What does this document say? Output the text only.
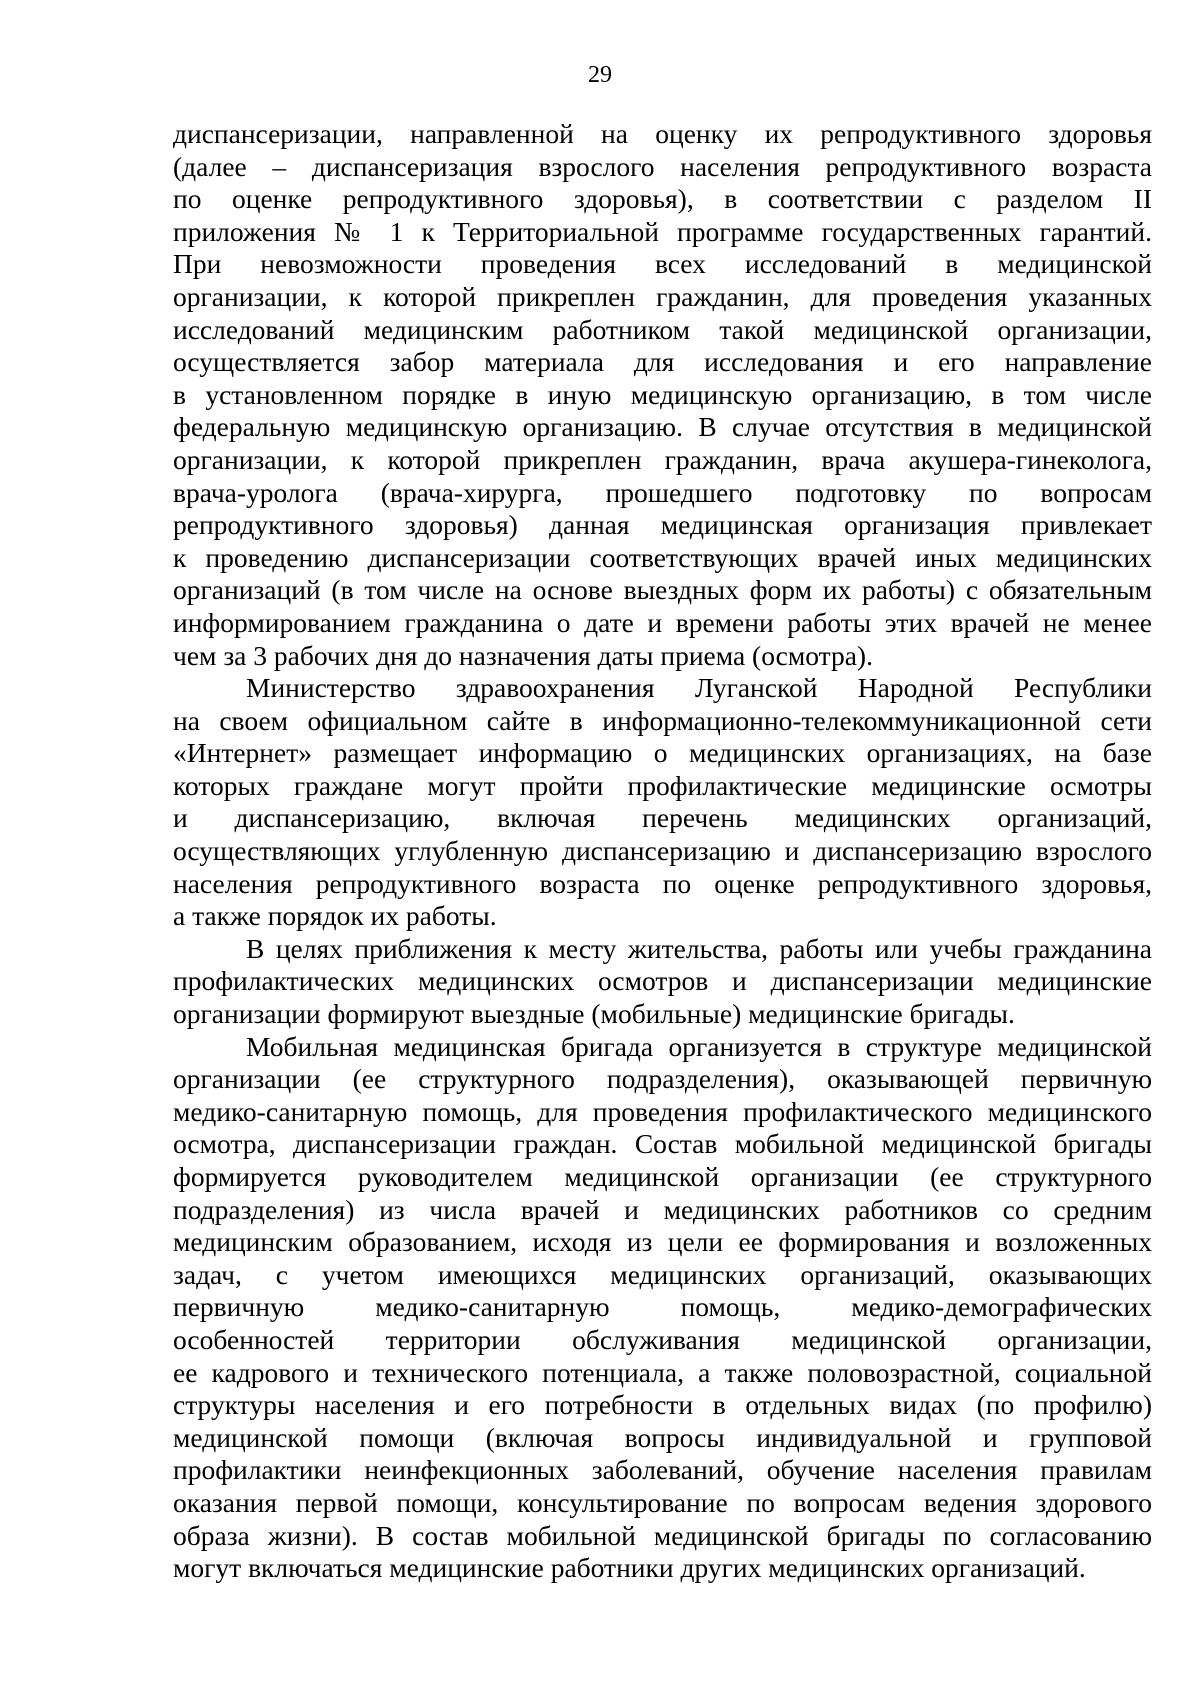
29

диспансеризации, направленной на оценку их репродуктивного здоровья
(далее – диспансеризация взрослого населения репродуктивного возраста
по оценке репродуктивного здоровья), в соответствии с разделом II
приложения № 1 к Территориальной программе государственных гарантий.
При невозможности проведения всех исследований в медицинской
организации, к которой прикреплен гражданин, для проведения указанных
исследований медицинским работником такой медицинской организации,
осуществляется забор материала для исследования и его направление
в установленном порядке в иную медицинскую организацию, в том числе
федеральную медицинскую организацию. В случае отсутствия в медицинской
организации, к которой прикреплен гражданин, врача акушера-гинеколога,
врача-уролога (врача-хирурга, прошедшего подготовку по вопросам
репродуктивного здоровья) данная медицинская организация привлекает
к проведению диспансеризации соответствующих врачей иных медицинских
организаций (в том числе на основе выездных форм их работы) с обязательным
информированием гражданина о дате и времени работы этих врачей не менее
чем за 3 рабочих дня до назначения даты приема (осмотра).

Министерство здравоохранения Луганской Народной Республики
на своем официальном сайте в информационно-телекоммуникационной сети
«Интернет» размещает информацию о медицинских организациях, на базе
которых граждане могут пройти профилактические медицинские осмотры
и диспансеризацию, включая перечень медицинских организаций,
осуществляющих углубленную диспансеризацию и диспансеризацию взрослого
населения репродуктивного возраста по оценке репродуктивного здоровья,
а также порядок их работы.

В целях приближения к месту жительства, работы или учебы гражданина
профилактических медицинских осмотров и диспансеризации медицинские
организации формируют выездные (мобильные) медицинские бригады.

Мобильная медицинская бригада организуется в структуре медицинской
организации (ее структурного подразделения), оказывающей первичную
медико-санитарную помощь, для проведения профилактического медицинского
осмотра, диспансеризации граждан. Состав мобильной медицинской бригады
формируется руководителем медицинской организации (ее структурного
подразделения) из числа врачей и медицинских работников со средним
медицинским образованием, исходя из цели ее формирования и возложенных
задач, с учетом имеющихся медицинских организаций, оказывающих
первичную медико-санитарную помощь, медико-демографических
особенностей территории обслуживания медицинской организации,
ее кадрового и технического потенциала, а также половозрастной, социальной
структуры населения и его потребности в отдельных видах (по профилю)
медицинской помощи (включая вопросы индивидуальной и групповой
профилактики неинфекционных заболеваний, обучение населения правилам
оказания первой помощи, консультирование по вопросам ведения здорового
образа жизни). В состав мобильной медицинской бригады по согласованию
могут включаться медицинские работники других медицинских организаций.
